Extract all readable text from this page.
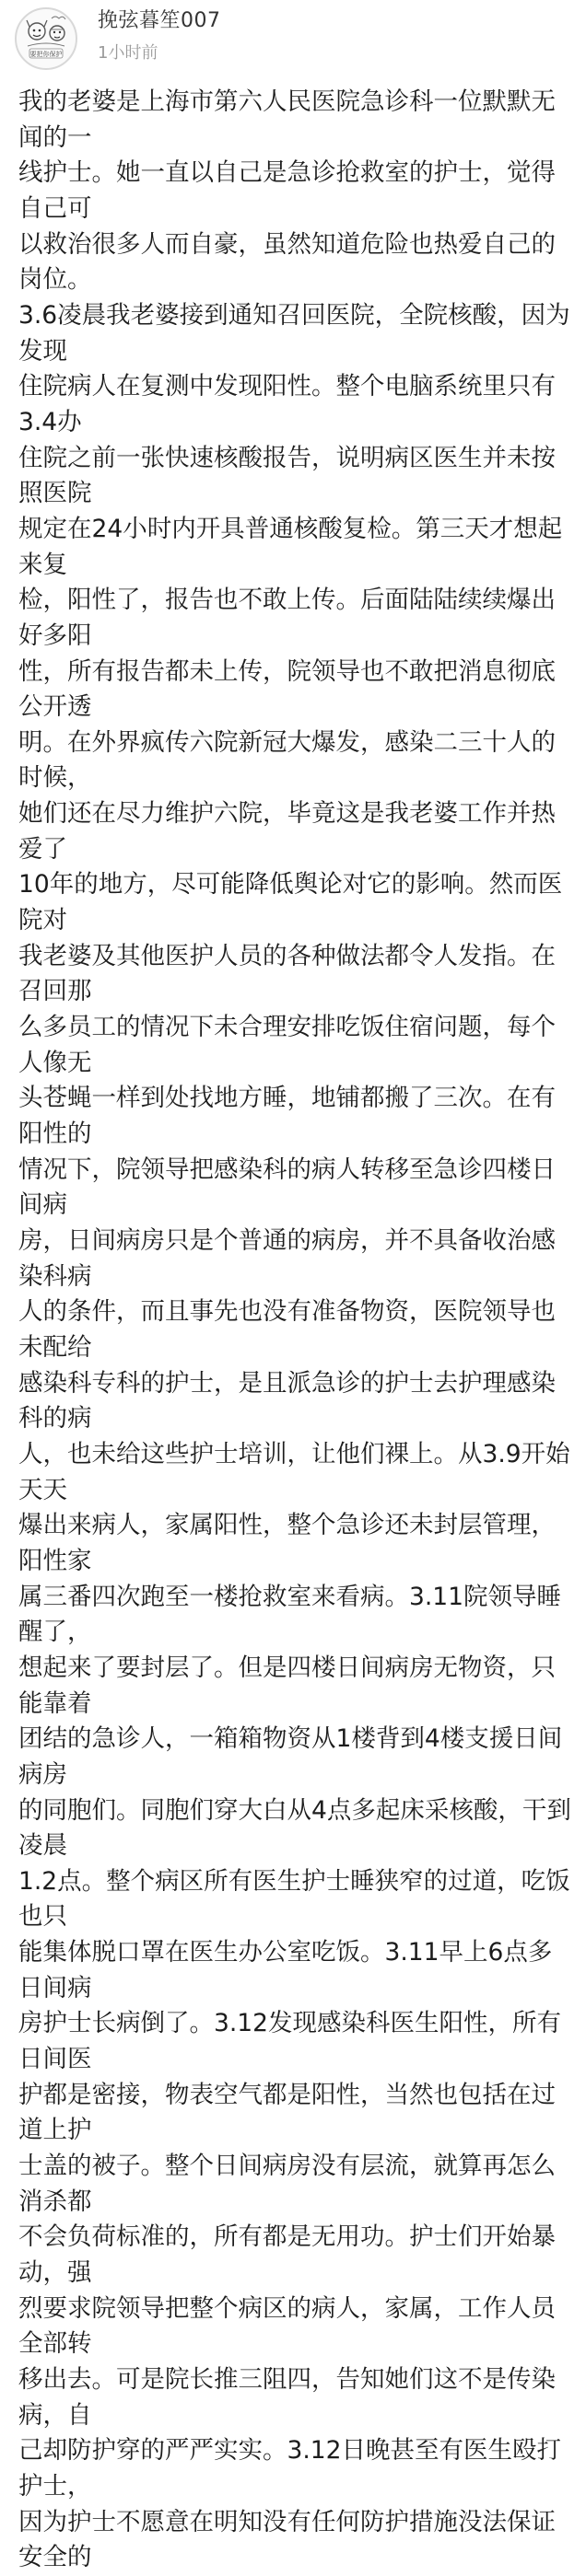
要把你保护
挽弦暮笙007
1小时前

我的老婆是上海市第六人民医院急诊科一位默默无闻的一
线护士。她一直以自己是急诊抢救室的护士，觉得自己可
以救治很多人而自豪，虽然知道危险也热爱自己的岗位。
3.6凌晨我老婆接到通知召回医院，全院核酸，因为发现
住院病人在复测中发现阳性。整个电脑系统里只有3.4办
住院之前一张快速核酸报告，说明病区医生并未按照医院
规定在24小时内开具普通核酸复检。第三天才想起来复
检，阳性了，报告也不敢上传。后面陆陆续续爆出好多阳
性，所有报告都未上传，院领导也不敢把消息彻底公开透
明。在外界疯传六院新冠大爆发，感染二三十人的时候，
她们还在尽力维护六院，毕竟这是我老婆工作并热爱了
10年的地方，尽可能降低舆论对它的影响。然而医院对
我老婆及其他医护人员的各种做法都令人发指。在召回那
么多员工的情况下未合理安排吃饭住宿问题，每个人像无
头苍蝇一样到处找地方睡，地铺都搬了三次。在有阳性的
情况下，院领导把感染科的病人转移至急诊四楼日间病
房，日间病房只是个普通的病房，并不具备收治感染科病
人的条件，而且事先也没有准备物资，医院领导也未配给
感染科专科的护士，是且派急诊的护士去护理感染科的病
人，也未给这些护士培训，让他们裸上。从3.9开始天天
爆出来病人，家属阳性，整个急诊还未封层管理，阳性家
属三番四次跑至一楼抢救室来看病。3.11院领导睡醒了，
想起来了要封层了。但是四楼日间病房无物资，只能靠着
团结的急诊人，一箱箱物资从1楼背到4楼支援日间病房
的同胞们。同胞们穿大白从4点多起床采核酸，干到凌晨
1.2点。整个病区所有医生护士睡狭窄的过道，吃饭也只
能集体脱口罩在医生办公室吃饭。3.11早上6点多日间病
房护士长病倒了。3.12发现感染科医生阳性，所有日间医
护都是密接，物表空气都是阳性，当然也包括在过道上护
士盖的被子。整个日间病房没有层流，就算再怎么消杀都
不会负荷标准的，所有都是无用功。护士们开始暴动，强
烈要求院领导把整个病区的病人，家属，工作人员全部转
移出去。可是院长推三阻四，告知她们这不是传染病，自
己却防护穿的严严实实。3.12日晚甚至有医生殴打护士，
因为护士不愿意在明知没有任何防护措施没法保证安全的
